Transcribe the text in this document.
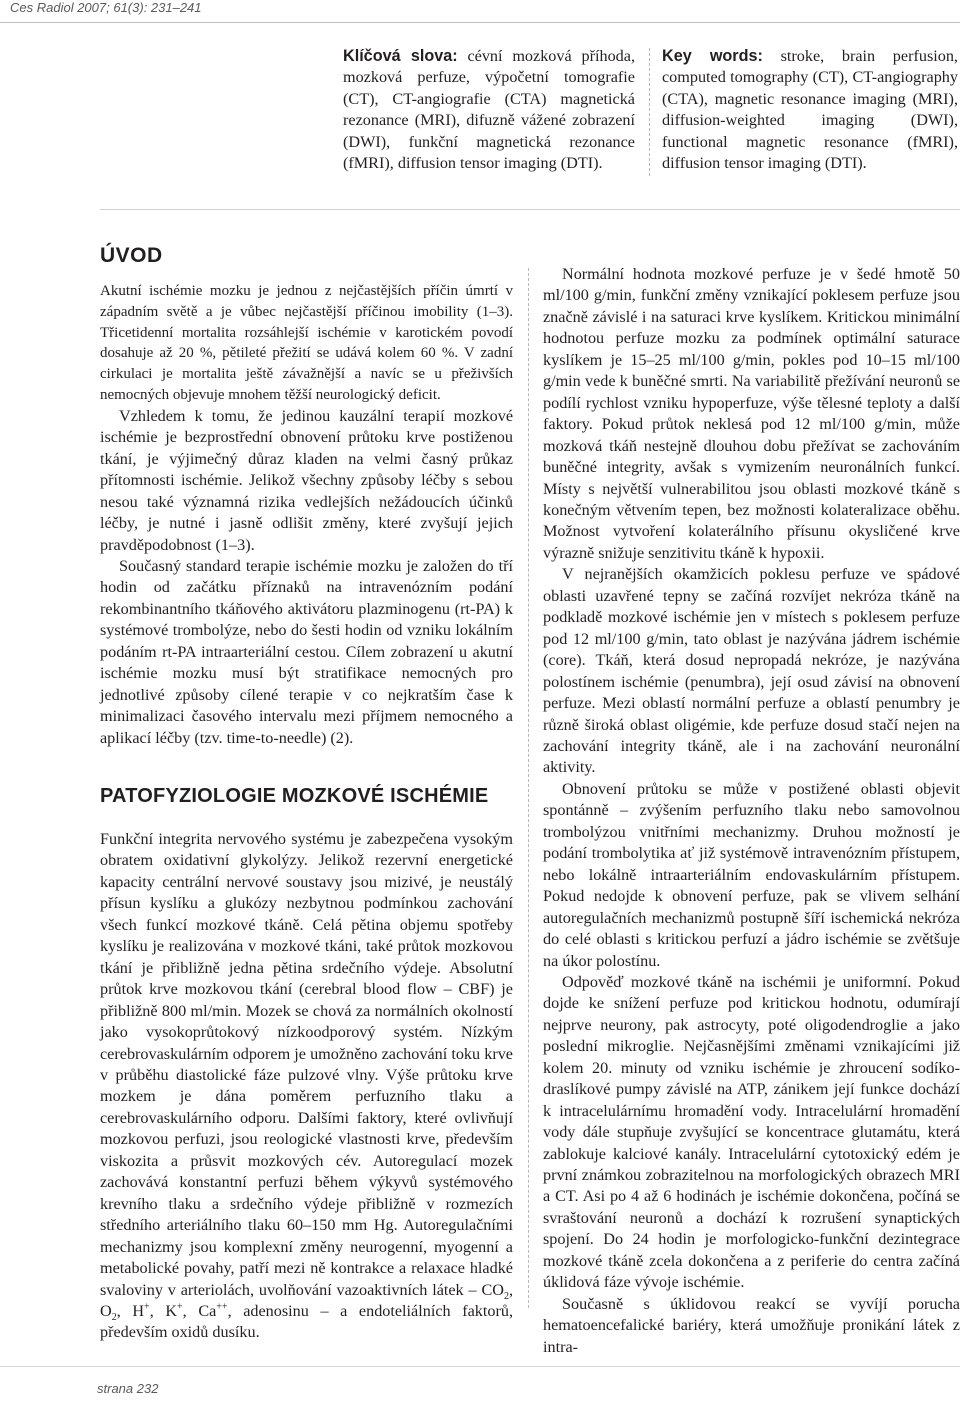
Ces Radiol 2007; 61(3): 231–241
Klíčová slova: cévní mozková příhoda, mozková perfuze, výpočetní tomografie (CT), CT-angiografie (CTA) magnetická rezonance (MRI), difuzně vážené zobrazení (DWI), funkční magnetická rezonance (fMRI), diffusion tensor imaging (DTI).
Key words: stroke, brain perfusion, computed tomography (CT), CT-angiography (CTA), magnetic resonance imaging (MRI), diffusion-weighted imaging (DWI), functional magnetic resonance (fMRI), diffusion tensor imaging (DTI).
ÚVOD
PATOFYZIOLOGIE MOZKOVÉ ISCHÉMIE

Akutní ischémie mozku je jednou z nejčastějších příčin úmrtí v západním světě a je vůbec nejčastější příčinou imobility (1–3). Třicetidenní mortalita rozsáhlejší ischémie v karotickém povodí dosahuje až 20 %, pětileté přežití se udává kolem 60 %. V zadní cirkulaci je mortalita ještě závažnější a navíc se u přeživších nemocných objevuje mnohem těžší neurologický deficit.

Vzhledem k tomu, že jedinou kauzální terapií mozkové ischémie je bezprostřední obnovení průtoku krve postiženou tkání, je výjimečný důraz kladen na velmi časný průkaz přítomnosti ischémie. Jelikož všechny způsoby léčby s sebou nesou také významná rizika vedlejších nežádoucích účinků léčby, je nutné i jasně odlišit změny, které zvyšují jejich pravděpodobnost (1–3).

Současný standard terapie ischémie mozku je založen do tří hodin od začátku příznaků na intravenózním podání rekombinantního tkáňového aktivátoru plazminogenu (rt-PA) k systémové trombolýze, nebo do šesti hodin od vzniku lokálním podáním rt-PA intraarteriální cestou. Cílem zobrazení u akutní ischémie mozku musí být stratifikace nemocných pro jednotlivé způsoby cílené terapie v co nejkratším čase k minimalizaci časového intervalu mezi příjmem nemocného a aplikací léčby (tzv. time-to-needle) (2).

Funkční integrita nervového systému je zabezpečena vysokým obratem oxidativní glykolýzy. Jelikož rezervní energetické kapacity centrální nervové soustavy jsou mizivé, je neustálý přísun kyslíku a glukózy nezbytnou podmínkou zachování všech funkcí mozkové tkáně. Celá pětina objemu spotřeby kyslíku je realizována v mozkové tkáni, také průtok mozkovou tkání je přibližně jedna pětina srdečního výdeje. Absolutní průtok krve mozkovou tkání (cerebral blood flow – CBF) je přibližně 800 ml/min. Mozek se chová za normálních okolností jako vysokoprůtokový nízkoodporový systém. Nízkým cerebrovaskulárním odporem je umožněno zachování toku krve v průběhu diastolické fáze pulzové vlny. Výše průtoku krve mozkem je dána poměrem perfuzního tlaku a cerebrovaskulárního odporu. Dalšími faktory, které ovlivňují mozkovou perfuzi, jsou reologické vlastnosti krve, především viskozita a průsvit mozkových cév. Autoregulací mozek zachovává konstantní perfuzi během výkyvů systémového krevního tlaku a srdečního výdeje přibližně v rozmezích středního arteriálního tlaku 60–150 mm Hg. Autoregulačními mechanizmy jsou komplexní změny neurogenní, myogenní a metabolické povahy, patří mezi ně kontrakce a relaxace hladké svaloviny v arteriolách, uvolňování vazoaktivních látek – $CO_2$, $O_2$, H+, K+, Ca++, adenosinu – a endoteliálních faktorů, především oxidů dusíku.

Normální hodnota mozkové perfuze je v šedé hmotě 50 ml/100 g/min, funkční změny vznikající poklesem perfuze jsou značně závislé i na saturaci krve kyslíkem. Kritickou minimální hodnotou perfuze mozku za podmínek optimální saturace kyslíkem je 15–25 ml/100 g/min, pokles pod 10–15 ml/100 g/min vede k buněčné smrti. Na variabilitě přežívání neuronů se podílí rychlost vzniku hypoperfuze, výše tělesné teploty a další faktory. Pokud průtok neklesá pod 12 ml/100 g/min, může mozková tkáň nestejně dlouhou dobu přežívat se zachováním buněčné integrity, avšak s vymizením neuronálních funkcí. Místy s největší vulnerabilitou jsou oblasti mozkové tkáně s konečným větvením tepen, bez možnosti kolateralizace oběhu. Možnost vytvoření kolaterálního přísunu okysličené krve výrazně snižuje senzitivitu tkáně k hypoxii.

V nejranějších okamžicích poklesu perfuze ve spádové oblasti uzavřené tepny se začíná rozvíjet nekróza tkáně na podkladě mozkové ischémie jen v místech s poklesem perfuze pod 12 ml/100 g/min, tato oblast je nazývána jádrem ischémie (core). Tkáň, která dosud nepropadá nekróze, je nazývána polostínem ischémie (penumbra), její osud závisí na obnovení perfuze. Mezi oblastí normální perfuze a oblastí penumbry je různě široká oblast oligémie, kde perfuze dosud stačí nejen na zachování integrity tkáně, ale i na zachování neuronální aktivity.

Obnovení průtoku se může v postižené oblasti objevit spontánně – zvýšením perfuzního tlaku nebo samovolnou trombolýzou vnitřními mechanizmy. Druhou možností je podání trombolytika ať již systémově intravenózním přístupem, nebo lokálně intraarteriálním endovaskulárním přístupem. Pokud nedojde k obnovení perfuze, pak se vlivem selhání autoregulačních mechanizmů postupně šíří ischemická nekróza do celé oblasti s kritickou perfuzí a jádro ischémie se zvětšuje na úkor polostínu.

Odpověď mozkové tkáně na ischémii je uniformní. Pokud dojde ke snížení perfuze pod kritickou hodnotu, odumírají nejprve neurony, pak astrocyty, poté oligodendroglie a jako poslední mikroglie. Nejčasnějšími změnami vznikajícími již kolem 20. minuty od vzniku ischémie je zhroucení sodíko-draslíkové pumpy závislé na ATP, zánikem její funkce dochází k intracelulárnímu hromadění vody. Intracelulární hromadění vody dále stupňuje zvyšující se koncentrace glutamátu, která zablokuje kalciové kanály. Intracelulární cytotoxický edém je první známkou zobrazitelnou na morfologických obrazech MRI a CT. Asi po 4 až 6 hodinách je ischémie dokončena, počíná se svraštování neuronů a dochází k rozrušení synaptických spojení. Do 24 hodin je morfologicko-funkční dezintegrace mozkové tkáně zcela dokončena a z periferie do centra začíná úklidová fáze vývoje ischémie.

Současně s úklidovou reakcí se vyvíjí porucha hematoencefalické bariéry, která umožňuje pronikání látek z intra-

strana 232
